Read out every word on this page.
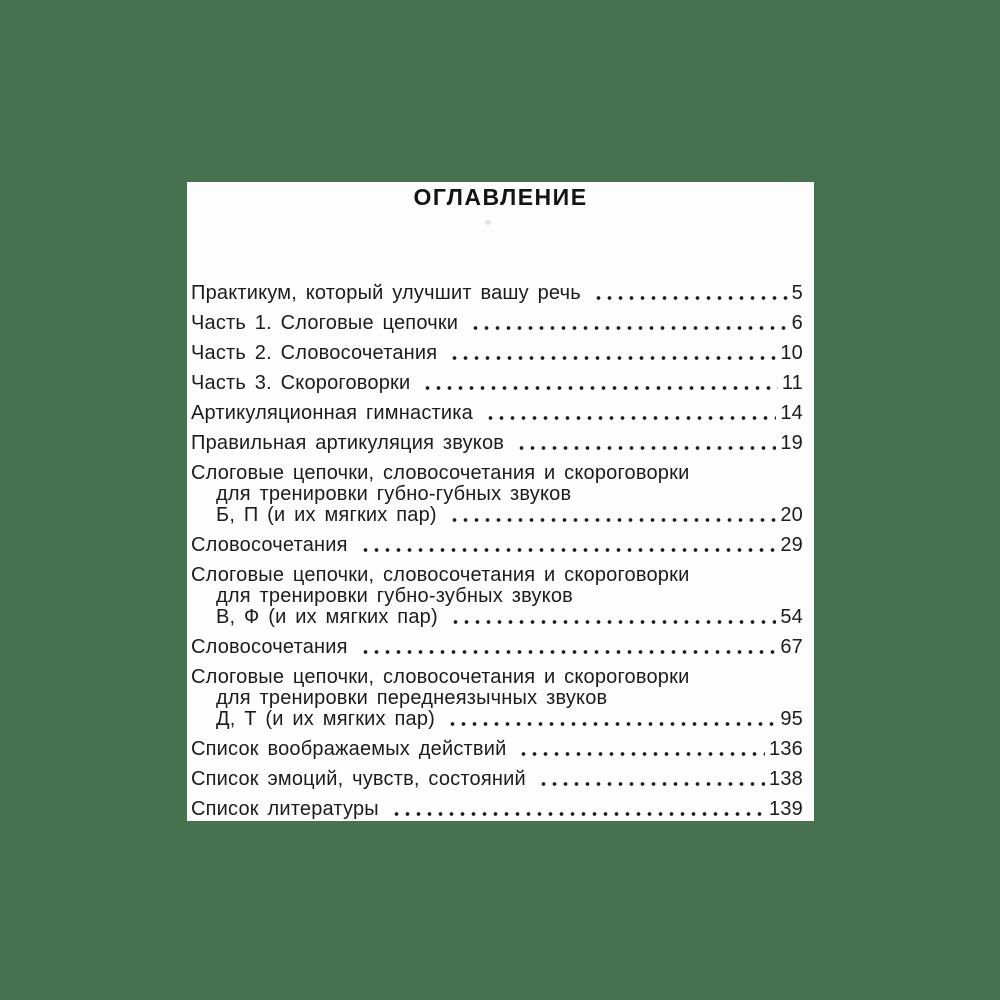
ОГЛАВЛЕНИЕ
Практикум, который улучшит вашу речь	5
Часть 1. Слоговые цепочки	6
Часть 2. Словосочетания	10
Часть 3. Скороговорки	11
Артикуляционная гимнастика	14
Правильная артикуляция звуков	19
Слоговые цепочки, словосочетания и скороговорки
для тренировки губно-губных звуков
Б, П (и их мягких пар)	20
Словосочетания	29
Слоговые цепочки, словосочетания и скороговорки
для тренировки губно-зубных звуков
В, Ф (и их мягких пар)	54
Словосочетания	67
Слоговые цепочки, словосочетания и скороговорки
для тренировки переднеязычных звуков
Д, Т (и их мягких пар)	95
Список воображаемых действий	136
Список эмоций, чувств, состояний	138
Список литературы	139
